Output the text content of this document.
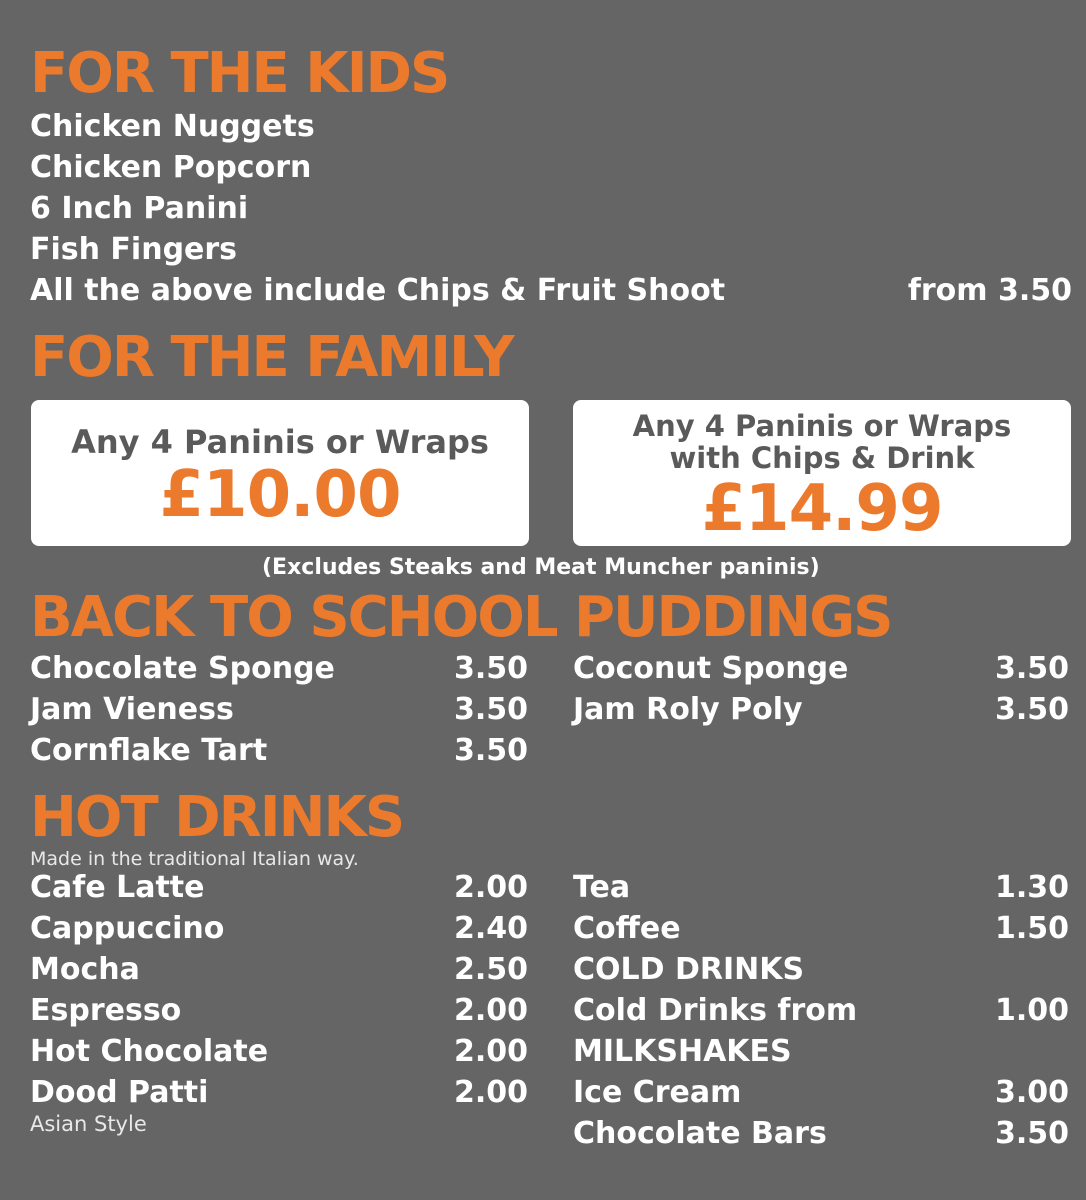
FOR THE KIDS
Chicken Nuggets
Chicken Popcorn
6 Inch Panini
Fish Fingers
All the above include Chips & Fruit Shoot	from 3.50
FOR THE FAMILY
Any 4 Paninis or Wraps
£10.00
Any 4 Paninis or Wraps
with Chips & Drink
£14.99
(Excludes Steaks and Meat Muncher paninis)
BACK TO SCHOOL PUDDINGS
Chocolate Sponge	3.50
Jam Vieness	3.50
Cornflake Tart	3.50
Coconut Sponge	3.50
Jam Roly Poly	3.50
HOT DRINKS
Made in the traditional Italian way.
Cafe Latte	2.00
Cappuccino	2.40
Mocha	2.50
Espresso	2.00
Hot Chocolate	2.00
Dood Patti	2.00
Asian Style
Tea	1.30
Coffee	1.50
COLD DRINKS
Cold Drinks from	1.00
MILKSHAKES
Ice Cream	3.00
Chocolate Bars	3.50
